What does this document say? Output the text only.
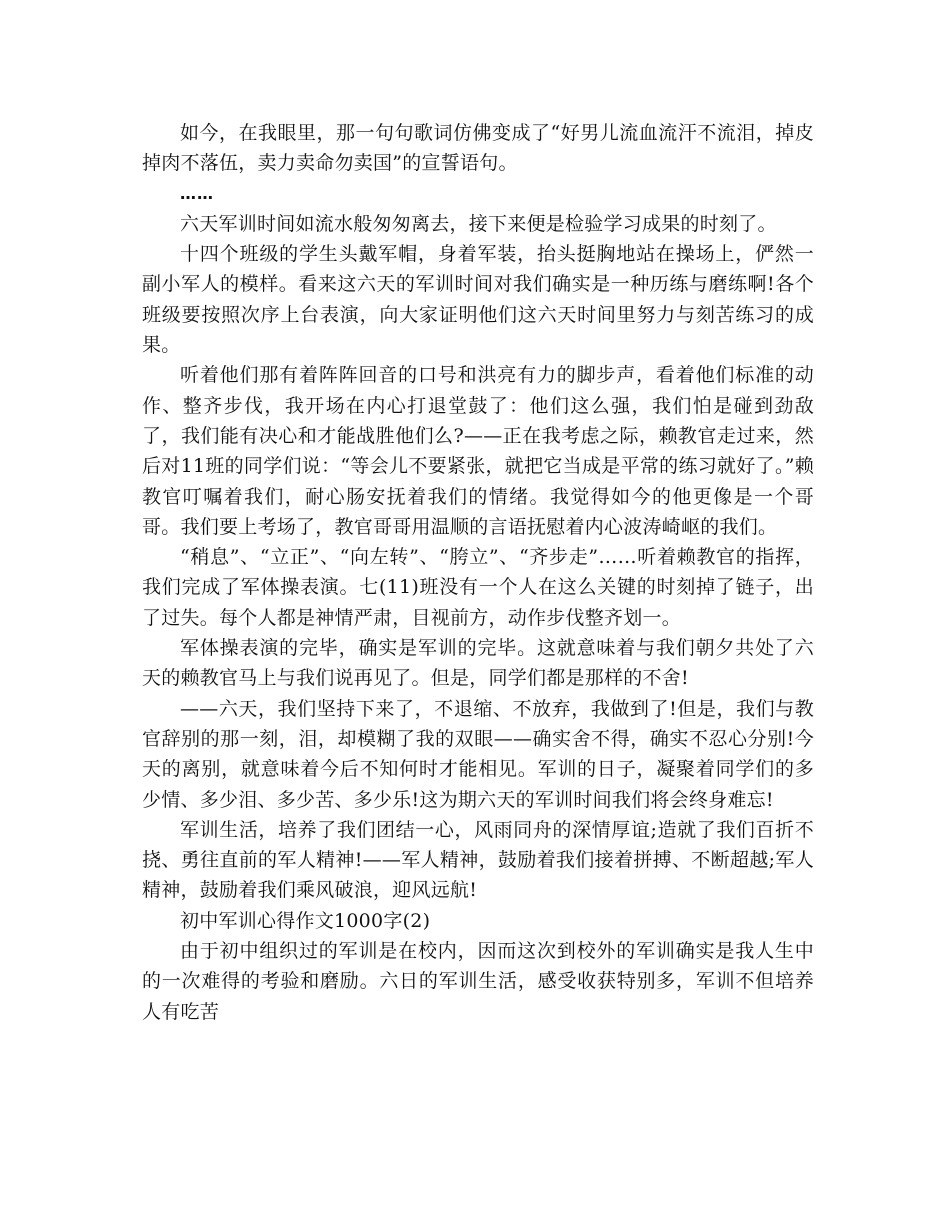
如今，在我眼里，那一句句歌词仿佛变成了“好男儿流血流汗不流泪，掉皮掉肉不落伍，卖力卖命勿卖国”的宣誓语句。

……

六天军训时间如流水般匆匆离去，接下来便是检验学习成果的时刻了。

十四个班级的学生头戴军帽，身着军装，抬头挺胸地站在操场上，俨然一副小军人的模样。看来这六天的军训时间对我们确实是一种历练与磨练啊!各个班级要按照次序上台表演，向大家证明他们这六天时间里努力与刻苦练习的成果。

听着他们那有着阵阵回音的口号和洪亮有力的脚步声，看着他们标准的动作、整齐步伐，我开场在内心打退堂鼓了：他们这么强，我们怕是碰到劲敌了，我们能有决心和才能战胜他们么?——正在我考虑之际，赖教官走过来，然后对11班的同学们说：“等会儿不要紧张，就把它当成是平常的练习就好了。”赖教官叮嘱着我们，耐心肠安抚着我们的情绪。我觉得如今的他更像是一个哥哥。我们要上考场了，教官哥哥用温顺的言语抚慰着内心波涛崎岖的我们。

“稍息”、“立正”、“向左转”、“胯立”、“齐步走”……听着赖教官的指挥，我们完成了军体操表演。七(11)班没有一个人在这么关键的时刻掉了链子，出了过失。每个人都是神情严肃，目视前方，动作步伐整齐划一。

军体操表演的完毕，确实是军训的完毕。这就意味着与我们朝夕共处了六天的赖教官马上与我们说再见了。但是，同学们都是那样的不舍!

——六天，我们坚持下来了，不退缩、不放弃，我做到了!但是，我们与教官辞别的那一刻，泪，却模糊了我的双眼——确实舍不得，确实不忍心分别!今天的离别，就意味着今后不知何时才能相见。军训的日子，凝聚着同学们的多少情、多少泪、多少苦、多少乐!这为期六天的军训时间我们将会终身难忘!

军训生活，培养了我们团结一心，风雨同舟的深情厚谊;造就了我们百折不挠、勇往直前的军人精神!——军人精神，鼓励着我们接着拼搏、不断超越;军人精神，鼓励着我们乘风破浪，迎风远航!

初中军训心得作文1000字(2)

由于初中组织过的军训是在校内，因而这次到校外的军训确实是我人生中的一次难得的考验和磨励。六日的军训生活，感受收获特别多，军训不但培养人有吃苦
